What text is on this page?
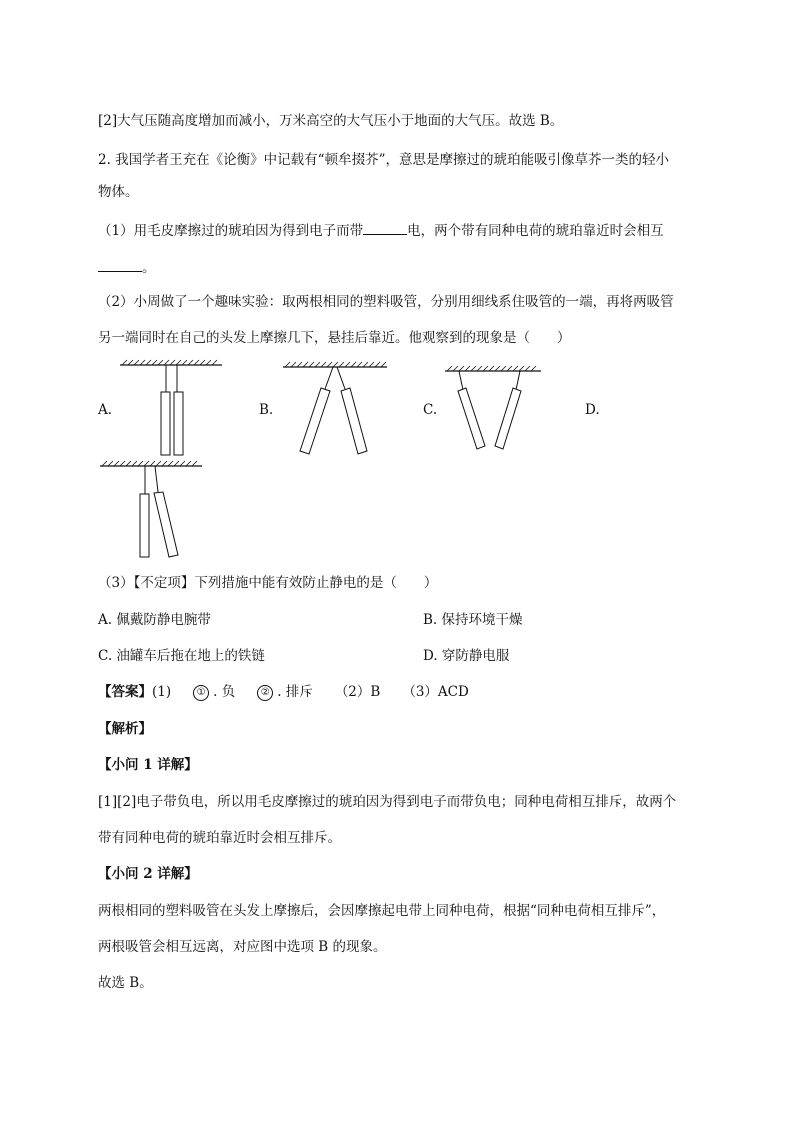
[2]大气压随高度增加而减小，万米高空的大气压小于地面的大气压。故选 B。
2. 我国学者王充在《论衡》中记载有“顿牟掇芥”，意思是摩擦过的琥珀能吸引像草芥一类的轻小
物体。
（1）用毛皮摩擦过的琥珀因为得到电子而带	电，两个带有同种电荷的琥珀靠近时会相互
。
（2）小周做了一个趣味实验：取两根相同的塑料吸管，分别用细线系住吸管的一端，再将两吸管
另一端同时在自己的头发上摩擦几下，悬挂后靠近。他观察到的现象是（　　）
A.	B.	C.	D.
（3）【不定项】下列措施中能有效防止静电的是（　　）
A. 佩戴防静电腕带	B. 保持环境干燥
C. 油罐车后拖在地上的铁链	D. 穿防静电服
【答案】(1)	① . 负	② . 排斥 （2）B （3）ACD
【解析】
【小问 1 详解】
[1][2]电子带负电，所以用毛皮摩擦过的琥珀因为得到电子而带负电；同种电荷相互排斥，故两个
带有同种电荷的琥珀靠近时会相互排斥。
【小问 2 详解】
两根相同的塑料吸管在头发上摩擦后，会因摩擦起电带上同种电荷，根据“同种电荷相互排斥”，
两根吸管会相互远离，对应图中选项 B 的现象。
故选 B。
